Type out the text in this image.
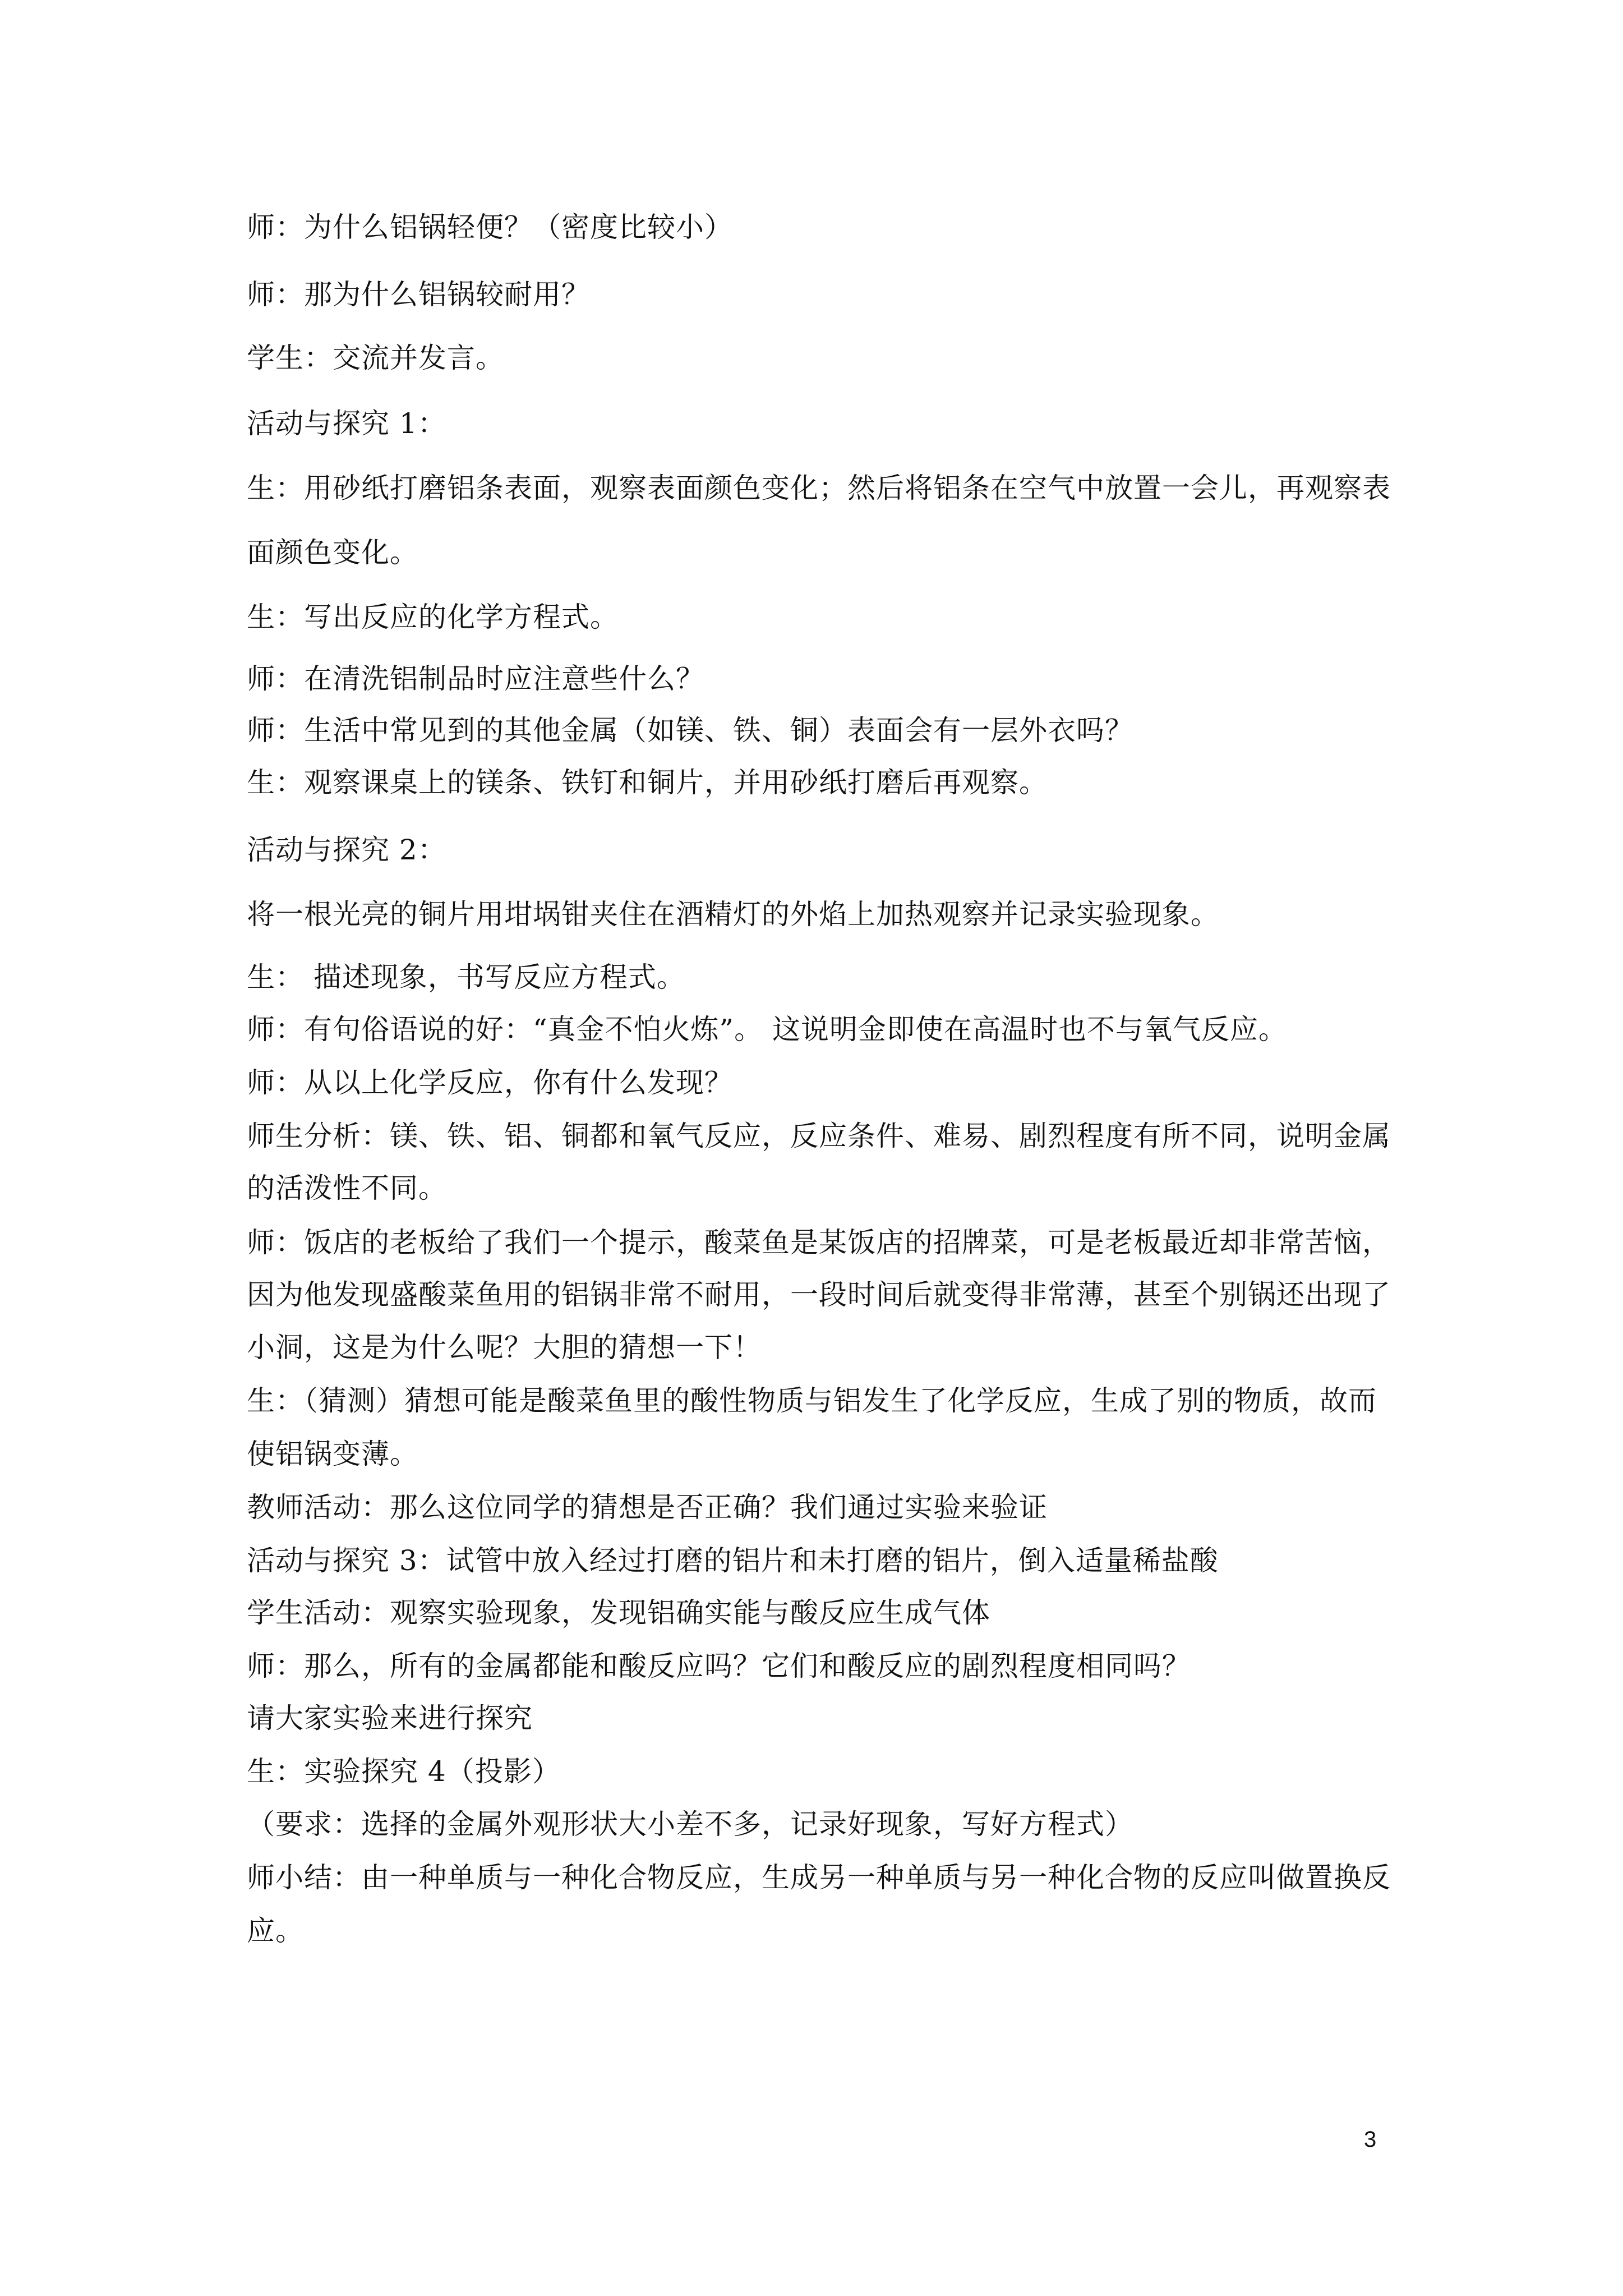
师：为什么铝锅轻便？（密度比较小）
师：那为什么铝锅较耐用？
学生：交流并发言。
活动与探究 1：
生：用砂纸打磨铝条表面，观察表面颜色变化；然后将铝条在空气中放置一会儿，再观察表
面颜色变化。
生：写出反应的化学方程式。
师：在清洗铝制品时应注意些什么？
师：生活中常见到的其他金属（如镁、铁、铜）表面会有一层外衣吗？
生：观察课桌上的镁条、铁钉和铜片，并用砂纸打磨后再观察。
活动与探究 2：
将一根光亮的铜片用坩埚钳夹住在酒精灯的外焰上加热观察并记录实验现象。
生： 描述现象，书写反应方程式。
师：有句俗语说的好：“真金不怕火炼”。 这说明金即使在高温时也不与氧气反应。
师：从以上化学反应，你有什么发现？
师生分析：镁、铁、铝、铜都和氧气反应，反应条件、难易、剧烈程度有所不同，说明金属
的活泼性不同。
师：饭店的老板给了我们一个提示，酸菜鱼是某饭店的招牌菜，可是老板最近却非常苦恼，
因为他发现盛酸菜鱼用的铝锅非常不耐用，一段时间后就变得非常薄，甚至个别锅还出现了
小洞，这是为什么呢？大胆的猜想一下！
生：（猜测）猜想可能是酸菜鱼里的酸性物质与铝发生了化学反应，生成了别的物质，故而
使铝锅变薄。
教师活动：那么这位同学的猜想是否正确？我们通过实验来验证
活动与探究 3：试管中放入经过打磨的铝片和未打磨的铝片，倒入适量稀盐酸
学生活动：观察实验现象，发现铝确实能与酸反应生成气体
师：那么，所有的金属都能和酸反应吗？它们和酸反应的剧烈程度相同吗？
请大家实验来进行探究
生：实验探究 4（投影）
（要求：选择的金属外观形状大小差不多，记录好现象，写好方程式）
师小结：由一种单质与一种化合物反应，生成另一种单质与另一种化合物的反应叫做置换反
应。
3
